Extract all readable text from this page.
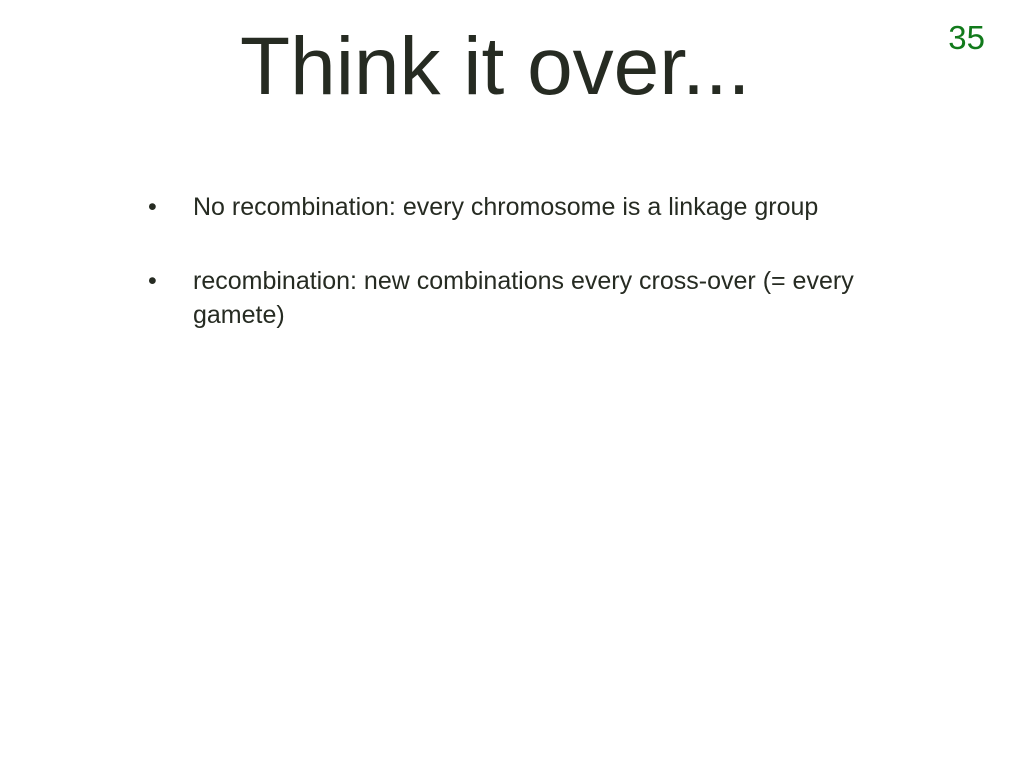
Think it over...	35
•	No recombination: every chromosome is a linkage group
•	recombination: new combinations every cross-over (= every gamete)
